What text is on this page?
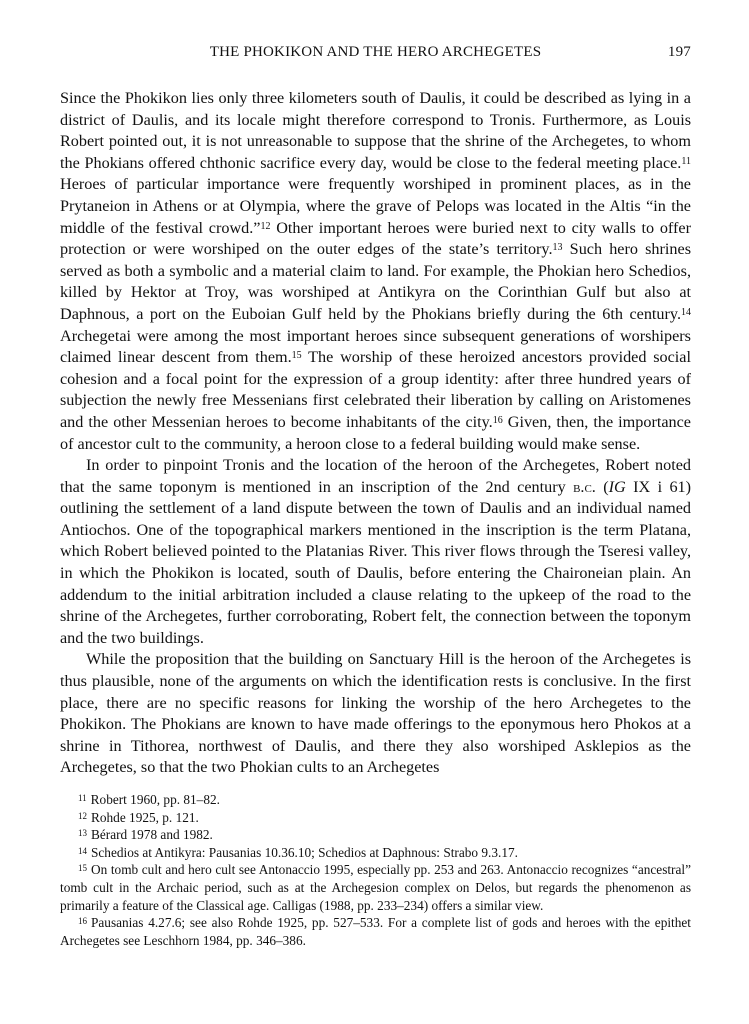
THE PHOKIKON AND THE HERO ARCHEGETES	197

Since the Phokikon lies only three kilometers south of Daulis, it could be described as lying in a district of Daulis, and its locale might therefore correspond to Tronis. Furthermore, as Louis Robert pointed out, it is not unreasonable to suppose that the shrine of the Archegetes, to whom the Phokians offered chthonic sacrifice every day, would be close to the federal meeting place.$^{11}$ Heroes of particular importance were frequently worshiped in prominent places, as in the Prytaneion in Athens or at Olympia, where the grave of Pelops was located in the Altis “in the middle of the festival crowd.”$^{12}$ Other important heroes were buried next to city walls to offer protection or were worshiped on the outer edges of the state’s territory.$^{13}$ Such hero shrines served as both a symbolic and a material claim to land. For example, the Phokian hero Schedios, killed by Hektor at Troy, was worshiped at Antikyra on the Corinthian Gulf but also at Daphnous, a port on the Euboian Gulf held by the Phokians briefly during the 6th century.$^{14}$ Archegetai were among the most important heroes since subsequent generations of worshipers claimed linear descent from them.$^{15}$ The worship of these heroized ancestors provided social cohesion and a focal point for the expression of a group identity: after three hundred years of subjection the newly free Messenians first celebrated their liberation by calling on Aristomenes and the other Messenian heroes to become inhabitants of the city.$^{16}$ Given, then, the importance of ancestor cult to the community, a heroon close to a federal building would make sense.

In order to pinpoint Tronis and the location of the heroon of the Archegetes, Robert noted that the same toponym is mentioned in an inscription of the 2nd century b.c. (IG IX i 61) outlining the settlement of a land dispute between the town of Daulis and an individual named Antiochos. One of the topographical markers mentioned in the inscription is the term Platana, which Robert believed pointed to the Platanias River. This river flows through the Tseresi valley, in which the Phokikon is located, south of Daulis, before entering the Chaironeian plain. An addendum to the initial arbitration included a clause relating to the upkeep of the road to the shrine of the Archegetes, further corroborating, Robert felt, the connection between the toponym and the two buildings.

While the proposition that the building on Sanctuary Hill is the heroon of the Archegetes is thus plausible, none of the arguments on which the identification rests is conclusive. In the first place, there are no specific reasons for linking the worship of the hero Archegetes to the Phokikon. The Phokians are known to have made offerings to the eponymous hero Phokos at a shrine in Tithorea, northwest of Daulis, and there they also worshiped Asklepios as the Archegetes, so that the two Phokian cults to an Archegetes

$^{11}$ Robert 1960, pp. 81–82.

$^{12}$ Rohde 1925, p. 121.

$^{13}$ Bérard 1978 and 1982.

$^{14}$ Schedios at Antikyra: Pausanias 10.36.10; Schedios at Daphnous: Strabo 9.3.17.

$^{15}$ On tomb cult and hero cult see Antonaccio 1995, especially pp. 253 and 263. Antonaccio recognizes “ancestral” tomb cult in the Archaic period, such as at the Archegesion complex on Delos, but regards the phenomenon as primarily a feature of the Classical age. Calligas (1988, pp. 233–234) offers a similar view.

$^{16}$ Pausanias 4.27.6; see also Rohde 1925, pp. 527–533. For a complete list of gods and heroes with the epithet Archegetes see Leschhorn 1984, pp. 346–386.
